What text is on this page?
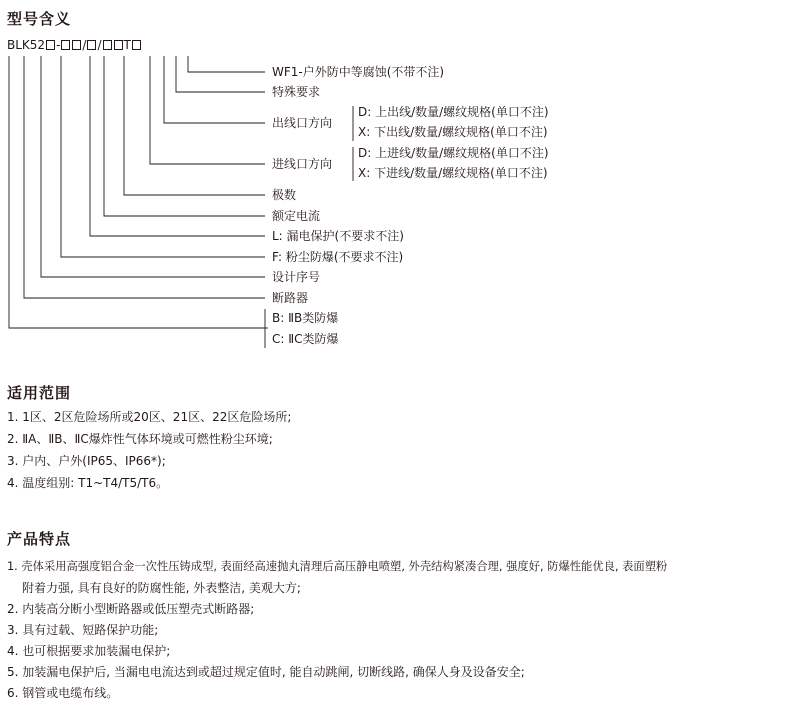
型号含义
BLK52 - / / T
WF1-户外防中等腐蚀(不带不注)
特殊要求
出线口方向
D: 上出线/数量/螺纹规格(单口不注)
X: 下出线/数量/螺纹规格(单口不注)
进线口方向
D: 上进线/数量/螺纹规格(单口不注)
X: 下进线/数量/螺纹规格(单口不注)
极数
额定电流
L: 漏电保护(不要求不注)
F: 粉尘防爆(不要求不注)
设计序号
断路器
B: ⅡB类防爆
C: ⅡC类防爆
适用范围
1. 1区、2区危险场所或20区、21区、22区危险场所;
2. ⅡA、ⅡB、ⅡC爆炸性气体环境或可燃性粉尘环境;
3. 户内、户外(IP65、IP66*);
4. 温度组别: T1~T4/T5/T6。
产品特点
1. 壳体采用高强度铝合金一次性压铸成型, 表面经高速抛丸清理后高压静电喷塑, 外壳结构紧凑合理, 强度好, 防爆性能优良, 表面塑粉
附着力强, 具有良好的防腐性能, 外表整洁, 美观大方;
2. 内装高分断小型断路器或低压塑壳式断路器;
3. 具有过载、短路保护功能;
4. 也可根据要求加装漏电保护;
5. 加装漏电保护后, 当漏电电流达到或超过规定值时, 能自动跳闸, 切断线路, 确保人身及设备安全;
6. 钢管或电缆布线。
